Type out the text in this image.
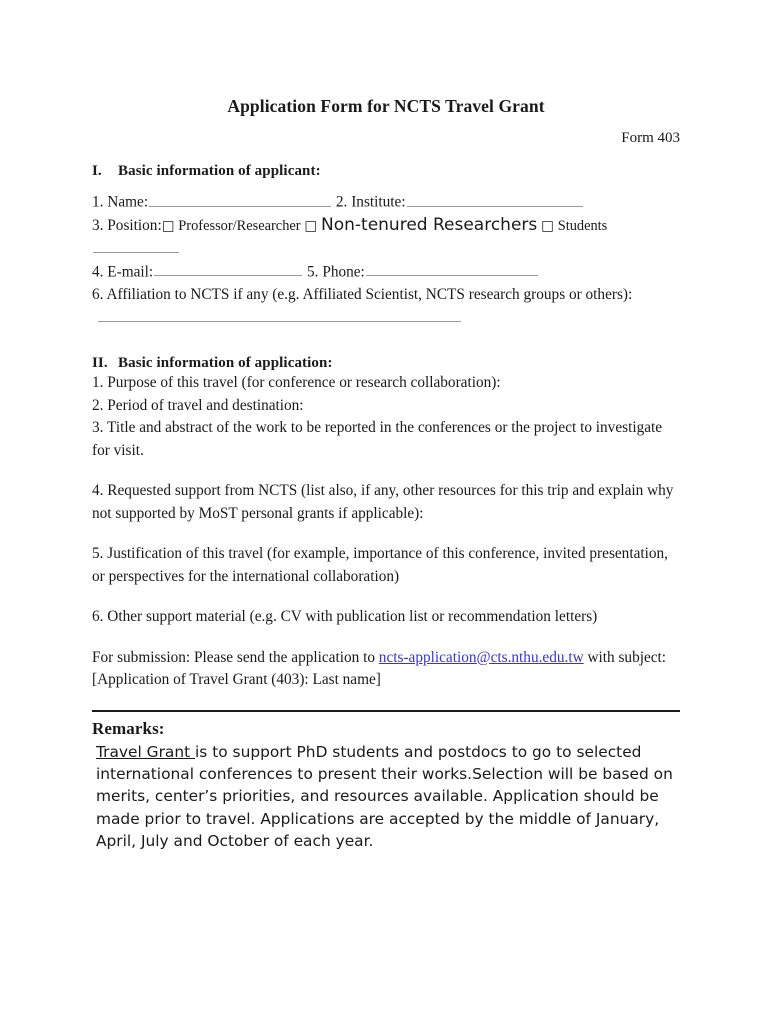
Application Form for NCTS Travel Grant
Form 403
I. Basic information of applicant:
1. Name:	2. Institute:
3. Position:□ Professor/Researcher □ Non-tenured Researchers □ Students
4. E-mail:	5. Phone:
6. Affiliation to NCTS if any (e.g. Affiliated Scientist, NCTS research groups or others):
II. Basic information of application:
1. Purpose of this travel (for conference or research collaboration):
2. Period of travel and destination:
3. Title and abstract of the work to be reported in the conferences or the project to investigate for visit.
4. Requested support from NCTS (list also, if any, other resources for this trip and explain why not supported by MoST personal grants if applicable):
5. Justification of this travel (for example, importance of this conference, invited presentation, or perspectives for the international collaboration)
6. Other support material (e.g. CV with publication list or recommendation letters)
For submission: Please send the application to ncts-application@cts.nthu.edu.tw with subject:
[Application of Travel Grant (403): Last name]
Remarks:
Travel Grant is to support PhD students and postdocs to go to selected international conferences to present their works.Selection will be based on merits, center’s priorities, and resources available. Application should be made prior to travel. Applications are accepted by the middle of January, April, July and October of each year.
